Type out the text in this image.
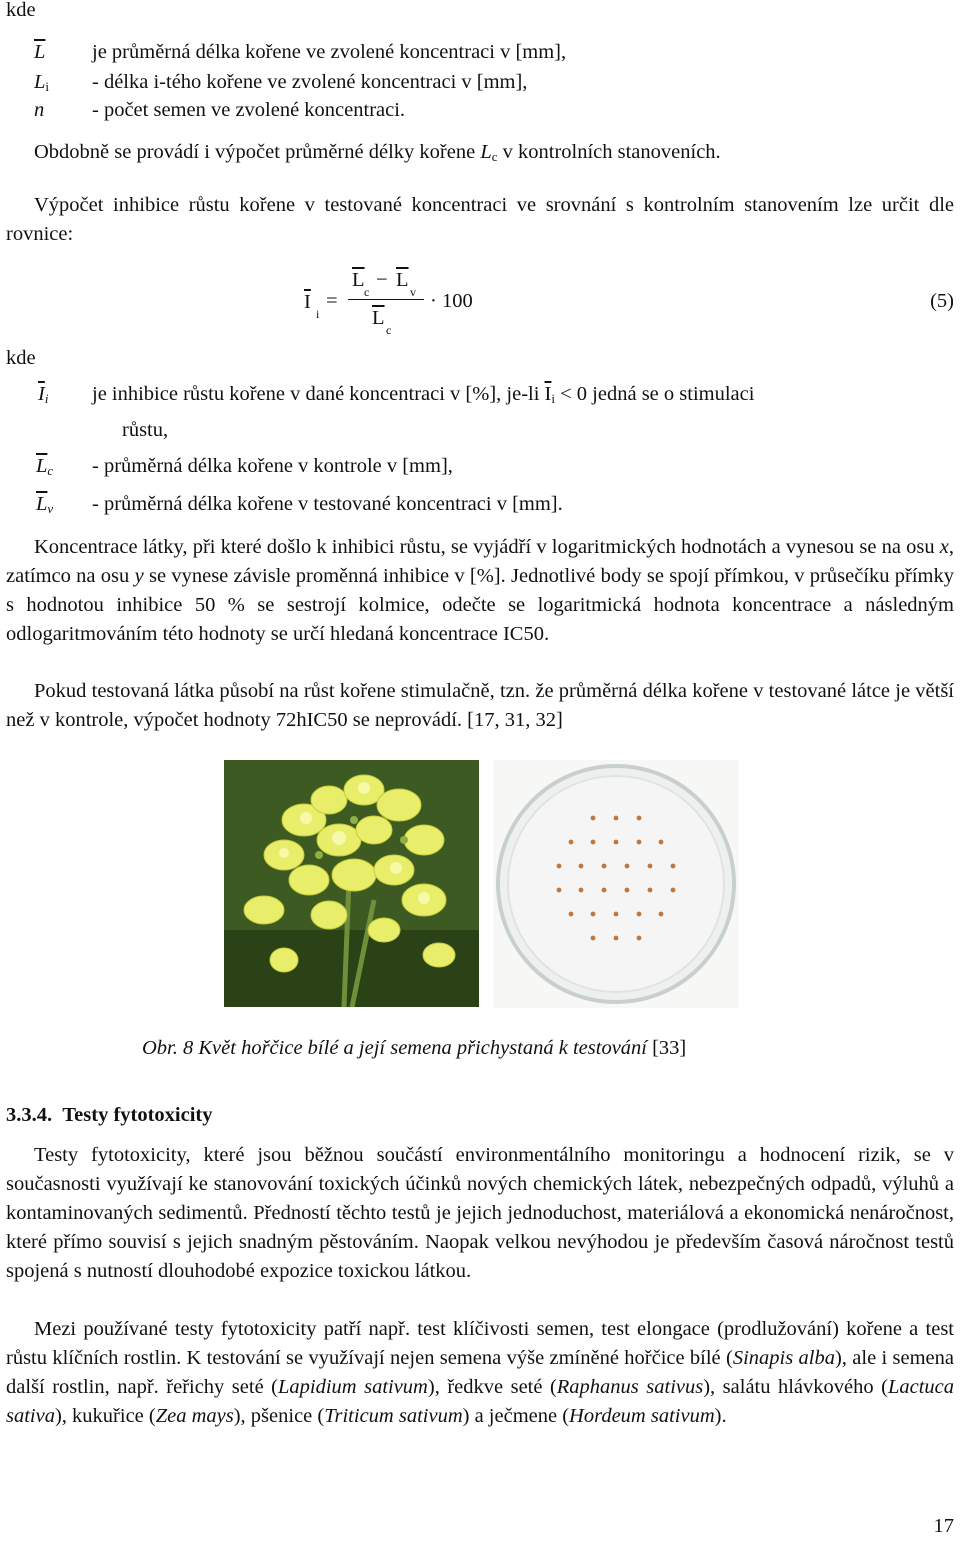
kde
$\overline{L}$ je průměrná délka kořene ve zvolené koncentraci v [mm],
$L_i$ - délka i-tého kořene ve zvolené koncentraci v [mm],
n - počet semen ve zvolené koncentraci.
Obdobně se provádí i výpočet průměrné délky kořene $L_c$ v kontrolních stanoveních.
Výpočet inhibice růstu kořene v testované koncentraci ve srovnání s kontrolním stanovením lze určit dle rovnice:
$\overline{I}$
i
=
$\overline{L}$
c
− $\overline{L}$
v
$\overline{L}$
c
· 100	(5)
kde
$\overline{I}_i$ je inhibice růstu kořene v dané koncentraci v [%], je-li $\overline{I}_i < 0$ jedná se o stimulaci
růstu,
$\overline{L}_c$ - průměrná délka kořene v kontrole v [mm],
$\overline{L}_v$ - průměrná délka kořene v testované koncentraci v [mm].
Koncentrace látky, při které došlo k inhibici růstu, se vyjádří v logaritmických hodnotách a vynesou se na osu x, zatímco na osu y se vynese závisle proměnná inhibice v [%]. Jednotlivé body se spojí přímkou, v průsečíku přímky s hodnotou inhibice 50 % se sestrojí kolmice, odečte se logaritmická hodnota koncentrace a následným odlogaritmováním této hodnoty se určí hledaná koncentrace IC50.
Pokud testovaná látka působí na růst kořene stimulačně, tzn. že průměrná délka kořene v testované látce je větší než v kontrole, výpočet hodnoty 72hIC50 se neprovádí. [17, 31, 32]
Obr. 8 Květ hořčice bílé a její semena přichystaná k testování [33]
3.3.4. Testy fytotoxicity
Testy fytotoxicity, které jsou běžnou součástí environmentálního monitoringu a hodnocení rizik, se v současnosti využívají ke stanovování toxických účinků nových chemických látek, nebezpečných odpadů, výluhů a kontaminovaných sedimentů. Předností těchto testů je jejich jednoduchost, materiálová a ekonomická nenáročnost, které přímo souvisí s jejich snadným pěstováním. Naopak velkou nevýhodou je především časová náročnost testů spojená s nutností dlouhodobé expozice toxickou látkou.
Mezi používané testy fytotoxicity patří např. test klíčivosti semen, test elongace (prodlužování) kořene a test růstu klíčních rostlin. K testování se využívají nejen semena výše zmíněné hořčice bílé (Sinapis alba), ale i semena další rostlin, např. řeřichy seté (Lapidium sativum), ředkve seté (Raphanus sativus), salátu hlávkového (Lactuca sativa), kukuřice (Zea mays), pšenice (Triticum sativum) a ječmene (Hordeum sativum).
17
